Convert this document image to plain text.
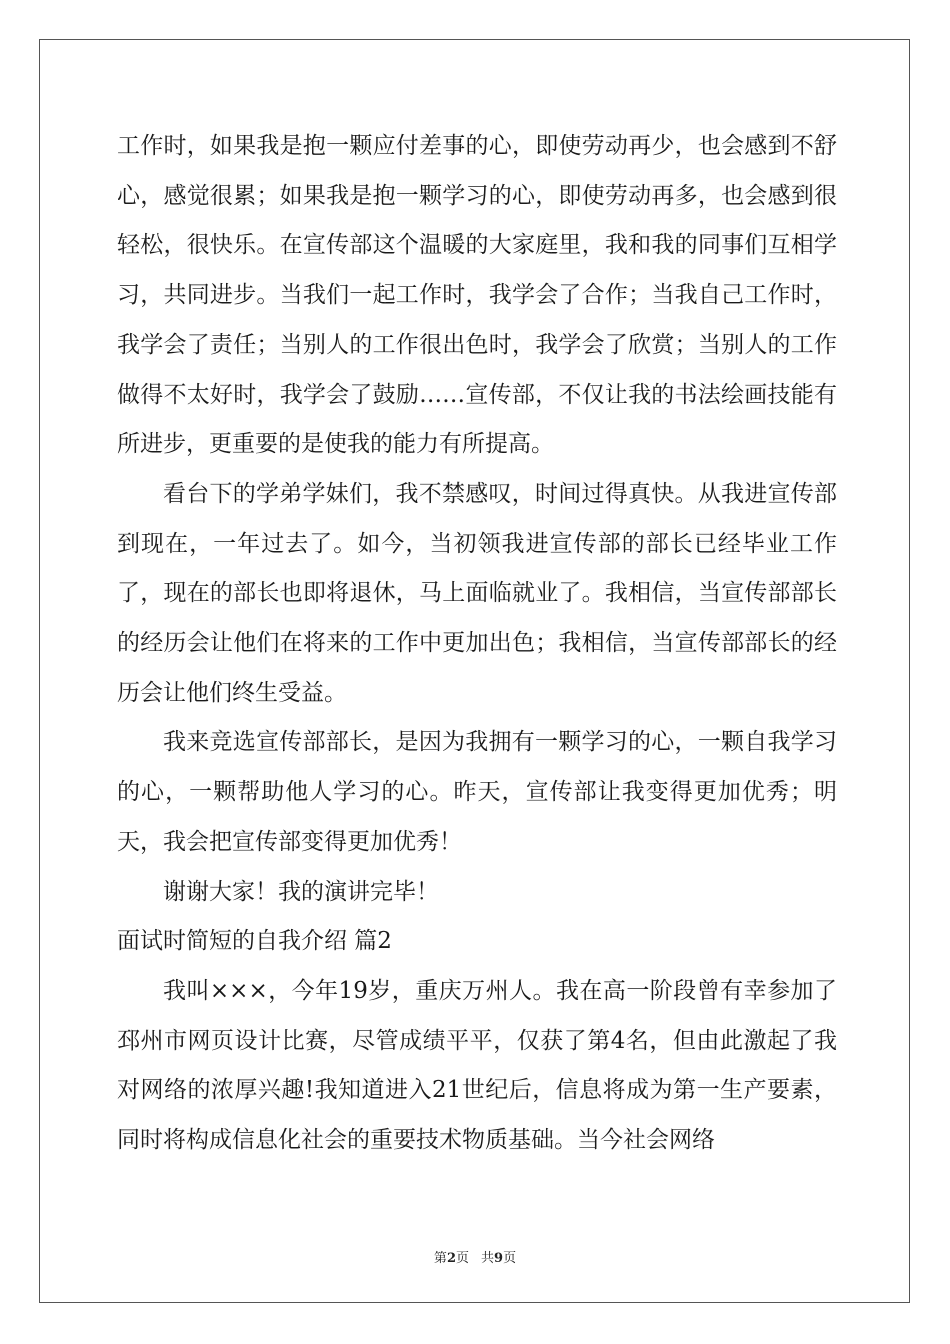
工作时，如果我是抱一颗应付差事的心，即使劳动再少，也会感到不舒心，感觉很累；如果我是抱一颗学习的心，即使劳动再多，也会感到很轻松，很快乐。在宣传部这个温暖的大家庭里，我和我的同事们互相学习，共同进步。当我们一起工作时，我学会了合作；当我自己工作时，我学会了责任；当别人的工作很出色时，我学会了欣赏；当别人的工作做得不太好时，我学会了鼓励……宣传部，不仅让我的书法绘画技能有所进步，更重要的是使我的能力有所提高。

看台下的学弟学妹们，我不禁感叹，时间过得真快。从我进宣传部到现在，一年过去了。如今，当初领我进宣传部的部长已经毕业工作了，现在的部长也即将退休，马上面临就业了。我相信，当宣传部部长的经历会让他们在将来的工作中更加出色；我相信，当宣传部部长的经历会让他们终生受益。

我来竞选宣传部部长，是因为我拥有一颗学习的心，一颗自我学习的心，一颗帮助他人学习的心。昨天，宣传部让我变得更加优秀；明天，我会把宣传部变得更加优秀！

谢谢大家！我的演讲完毕！

面试时简短的自我介绍 篇2

我叫×××，今年19岁，重庆万州人。我在高一阶段曾有幸参加了邳州市网页设计比赛，尽管成绩平平，仅获了第4名，但由此激起了我对网络的浓厚兴趣!我知道进入21世纪后，信息将成为第一生产要素，同时将构成信息化社会的重要技术物质基础。当今社会网络

第2页 共9页
